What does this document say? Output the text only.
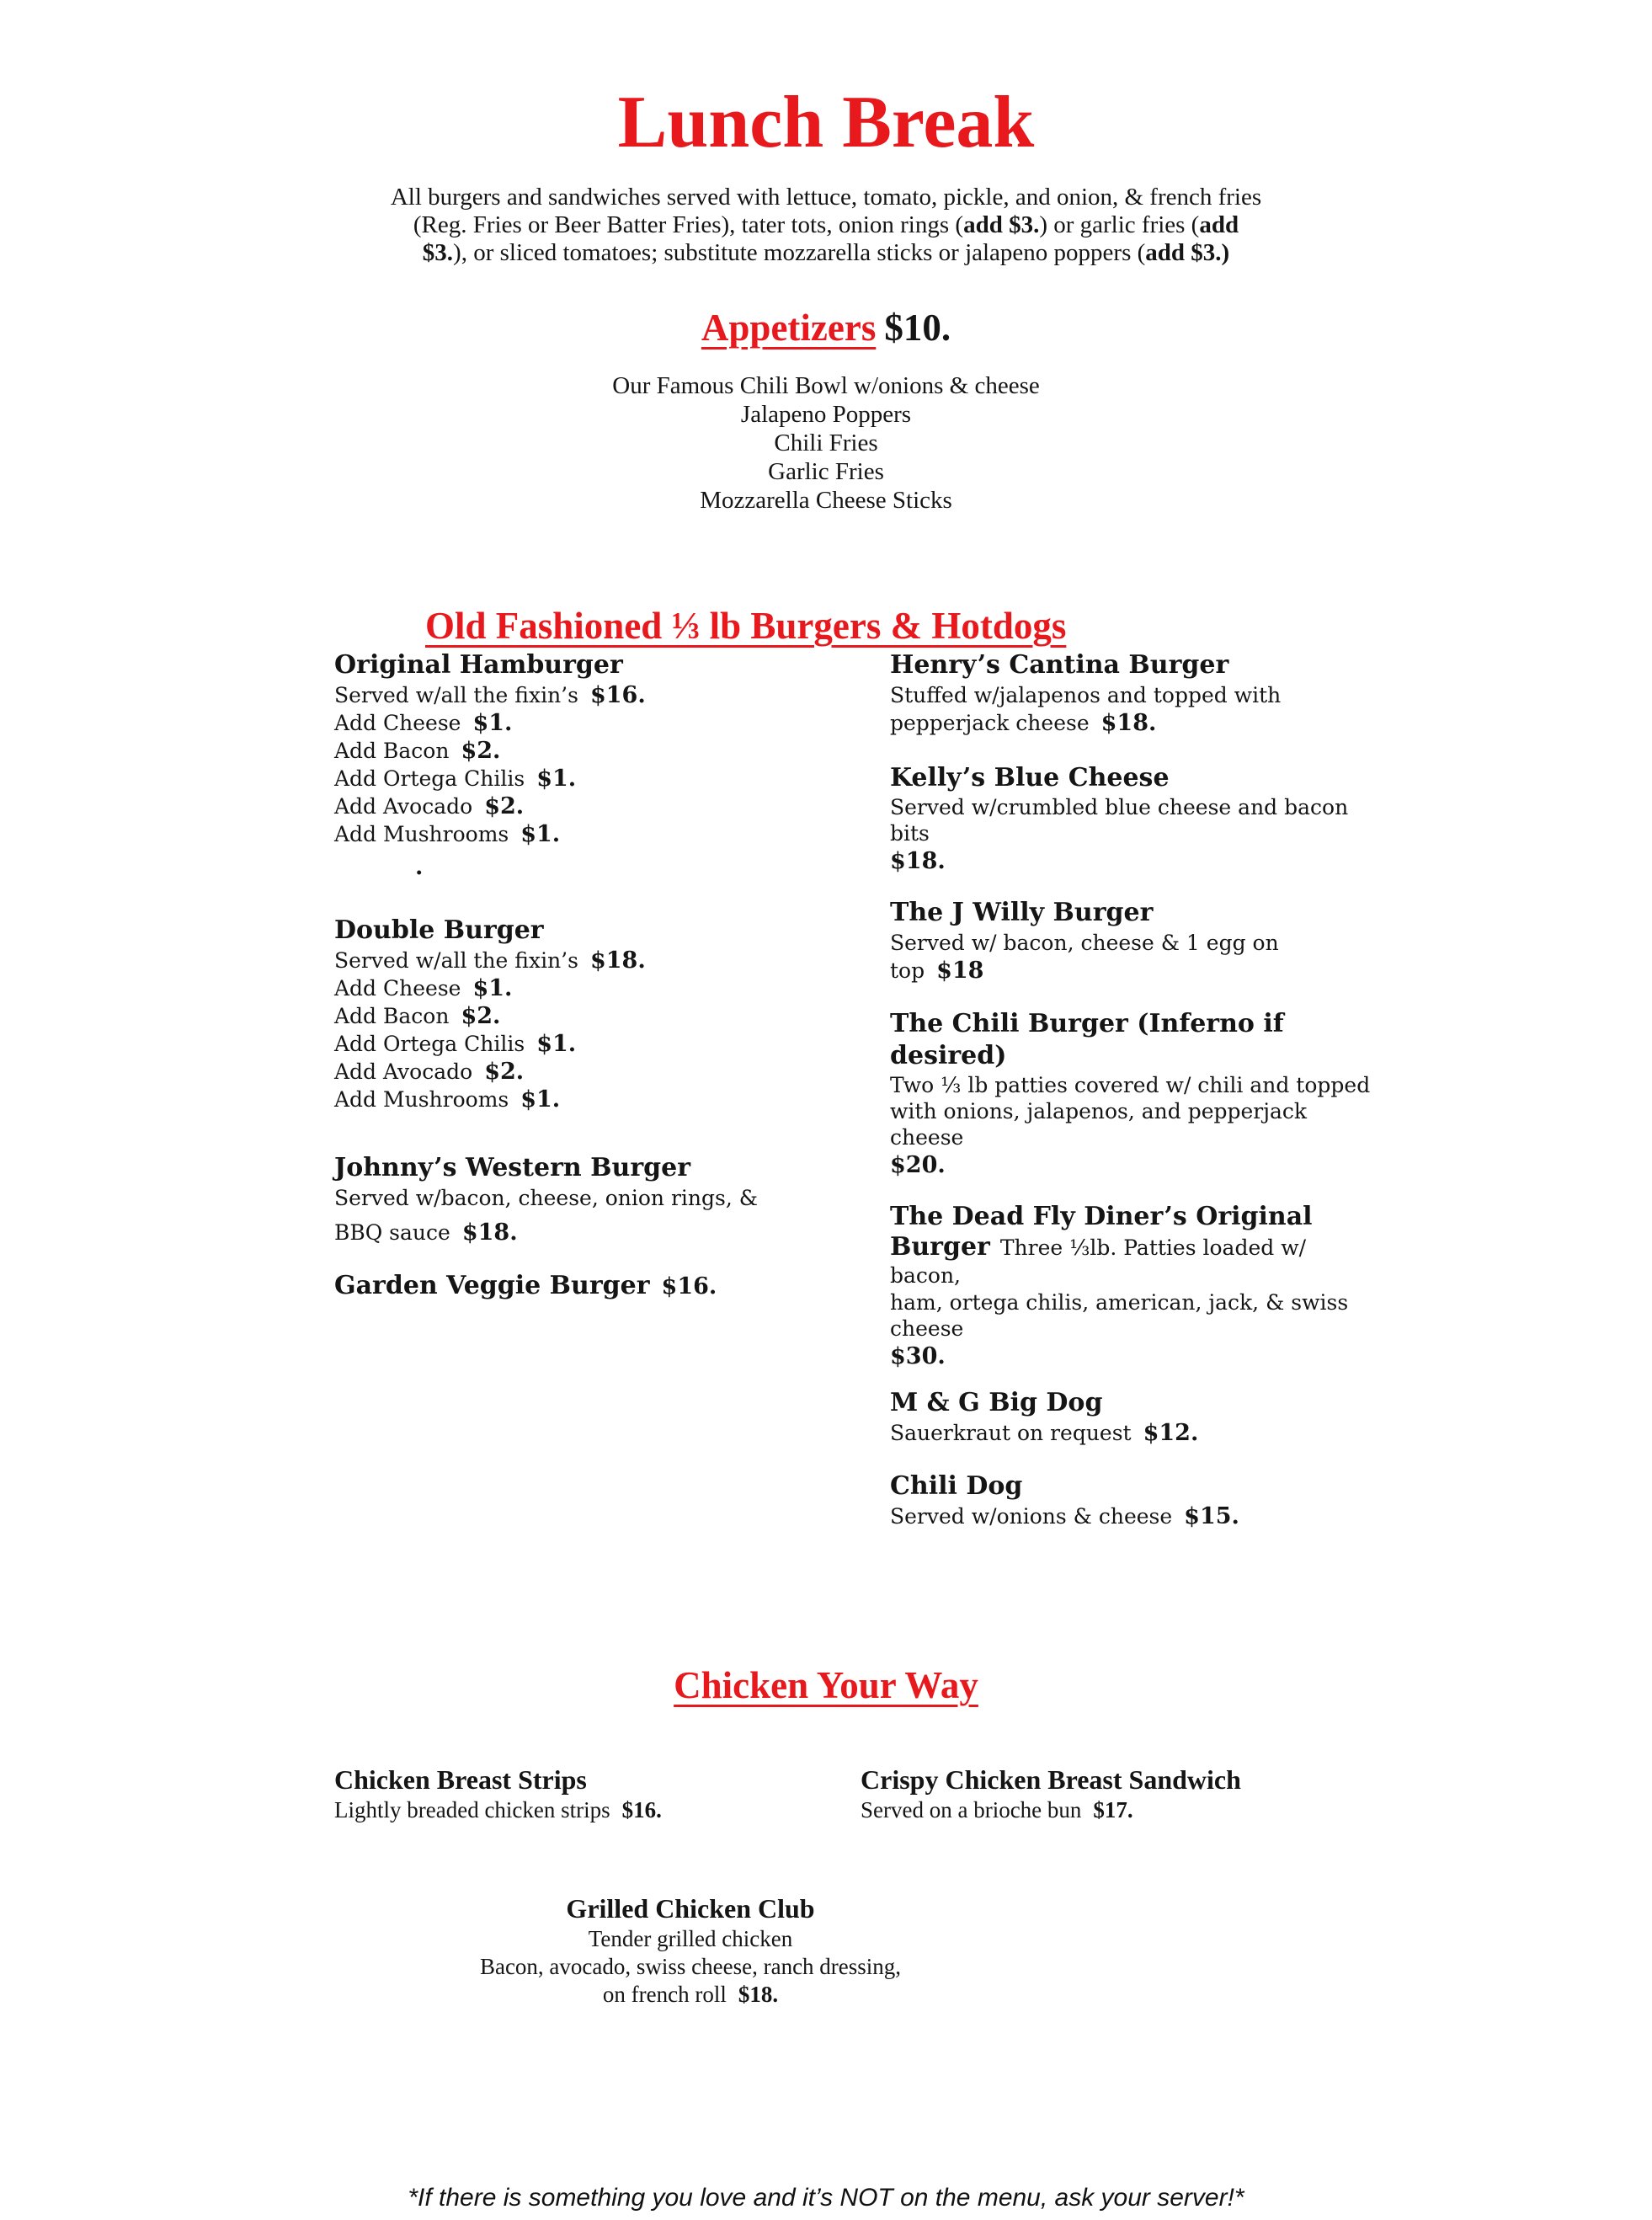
Lunch Break

All burgers and sandwiches served with lettuce, tomato, pickle, and onion, & french fries
(Reg. Fries or Beer Batter Fries), tater tots, onion rings (add $3.) or garlic fries (add
$3.), or sliced tomatoes; substitute mozzarella sticks or jalapeno poppers (add $3.)

Appetizers $10.
Our Famous Chili Bowl w/onions & cheese
Jalapeno Poppers
Chili Fries
Garlic Fries
Mozzarella Cheese Sticks
Old Fashioned ⅓ lb Burgers & Hotdogs
Original Hamburger
Served w/all the fixin’s $16.
Add Cheese $1.
Add Bacon $2.
Add Ortega Chilis $1.
Add Avocado $2.
Add Mushrooms $1.
.
Double Burger
Served w/all the fixin’s $18.
Add Cheese $1.
Add Bacon $2.
Add Ortega Chilis $1.
Add Avocado $2.
Add Mushrooms $1.
Johnny’s Western Burger
Served w/bacon, cheese, onion rings, &
BBQ sauce $18.
Garden Veggie Burger $16.
Henry’s Cantina Burger
Stuffed w/jalapenos and topped with
pepperjack cheese $18.
Kelly’s Blue Cheese
Served w/crumbled blue cheese and bacon bits
$18.
The J Willy Burger
Served w/ bacon, cheese & 1 egg on top $18
The Chili Burger (Inferno if desired)
Two ⅓ lb patties covered w/ chili and topped
with onions, jalapenos, and pepperjack cheese
$20.
The Dead Fly Diner’s Original
Burger Three ⅓lb. Patties loaded w/ bacon,
ham, ortega chilis, american, jack, & swiss cheese
$30.
M & G Big Dog
Sauerkraut on request $12.
Chili Dog
Served w/onions & cheese $15.
Chicken Your Way
Chicken Breast Strips
Lightly breaded chicken strips $16.
Crispy Chicken Breast Sandwich
Served on a brioche bun $17.
Grilled Chicken Club
Tender grilled chicken
Bacon, avocado, swiss cheese, ranch dressing,
on french roll $18.
*If there is something you love and it’s NOT on the menu, ask your server!*
